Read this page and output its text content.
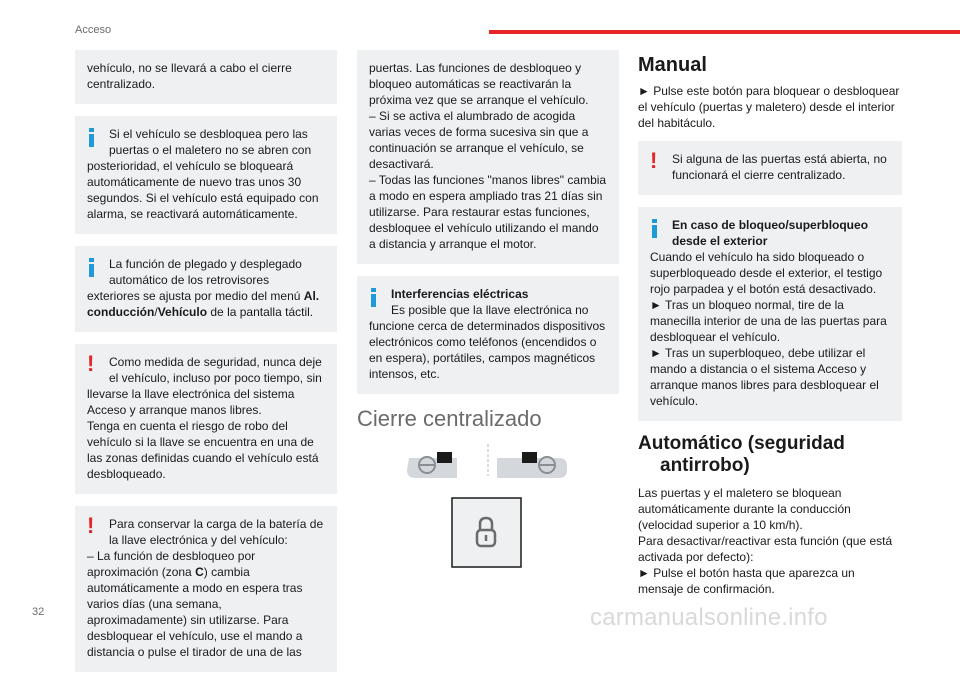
Acceso
vehículo, no se llevará a cabo el cierre centralizado.
Si el vehículo se desbloquea pero las
puertas o el maletero no se abren con posterioridad, el vehículo se bloqueará automáticamente de nuevo tras unos 30 segundos. Si el vehículo está equipado con alarma, se reactivará automáticamente.
La función de plegado y desplegado
automático de los retrovisores exteriores se ajusta por medio del menú Al. conducción/Vehículo de la pantalla táctil.
! Como medida de seguridad, nunca deje
el vehículo, incluso por poco tiempo, sin llevarse la llave electrónica del sistema Acceso y arranque manos libres.
Tenga en cuenta el riesgo de robo del vehículo si la llave se encuentra en una de las zonas definidas cuando el vehículo está desbloqueado.
! Para conservar la carga de la batería de
la llave electrónica y del vehículo:
– La función de desbloqueo por aproximación (zona C) cambia automáticamente a modo en espera tras varios días (una semana, aproximadamente) sin utilizarse. Para desbloquear el vehículo, use el mando a distancia o pulse el tirador de una de las
puertas. Las funciones de desbloqueo y bloqueo automáticas se reactivarán la próxima vez que se arranque el vehículo.
– Si se activa el alumbrado de acogida varias veces de forma sucesiva sin que a continuación se arranque el vehículo, se desactivará.
– Todas las funciones "manos libres" cambia a modo en espera ampliado tras 21 días sin utilizarse. Para restaurar estas funciones, desbloquee el vehículo utilizando el mando a distancia y arranque el motor.
Interferencias eléctricas
Es posible que la llave electrónica no
funcione cerca de determinados dispositivos electrónicos como teléfonos (encendidos o en espera), portátiles, campos magnéticos intensos, etc.
Cierre centralizado
Manual

► Pulse este botón para bloquear o desbloquear el vehículo (puertas y maletero) desde el interior del habitáculo.

! Si alguna de las puertas está abierta, no
funcionará el cierre centralizado.
En caso de bloqueo/superbloqueo
desde el exterior
Cuando el vehículo ha sido bloqueado o superbloqueado desde el exterior, el testigo rojo parpadea y el botón está desactivado.
► Tras un bloqueo normal, tire de la manecilla interior de una de las puertas para desbloquear el vehículo.
► Tras un superbloqueo, debe utilizar el mando a distancia o el sistema Acceso y arranque manos libres para desbloquear el vehículo.
Automático (seguridad
antirrobo)

Las puertas y el maletero se bloquean automáticamente durante la conducción (velocidad superior a 10 km/h).

Para desactivar/reactivar esta función (que está activada por defecto):

► Pulse el botón hasta que aparezca un mensaje de confirmación.

32	carmanualsonline.info
